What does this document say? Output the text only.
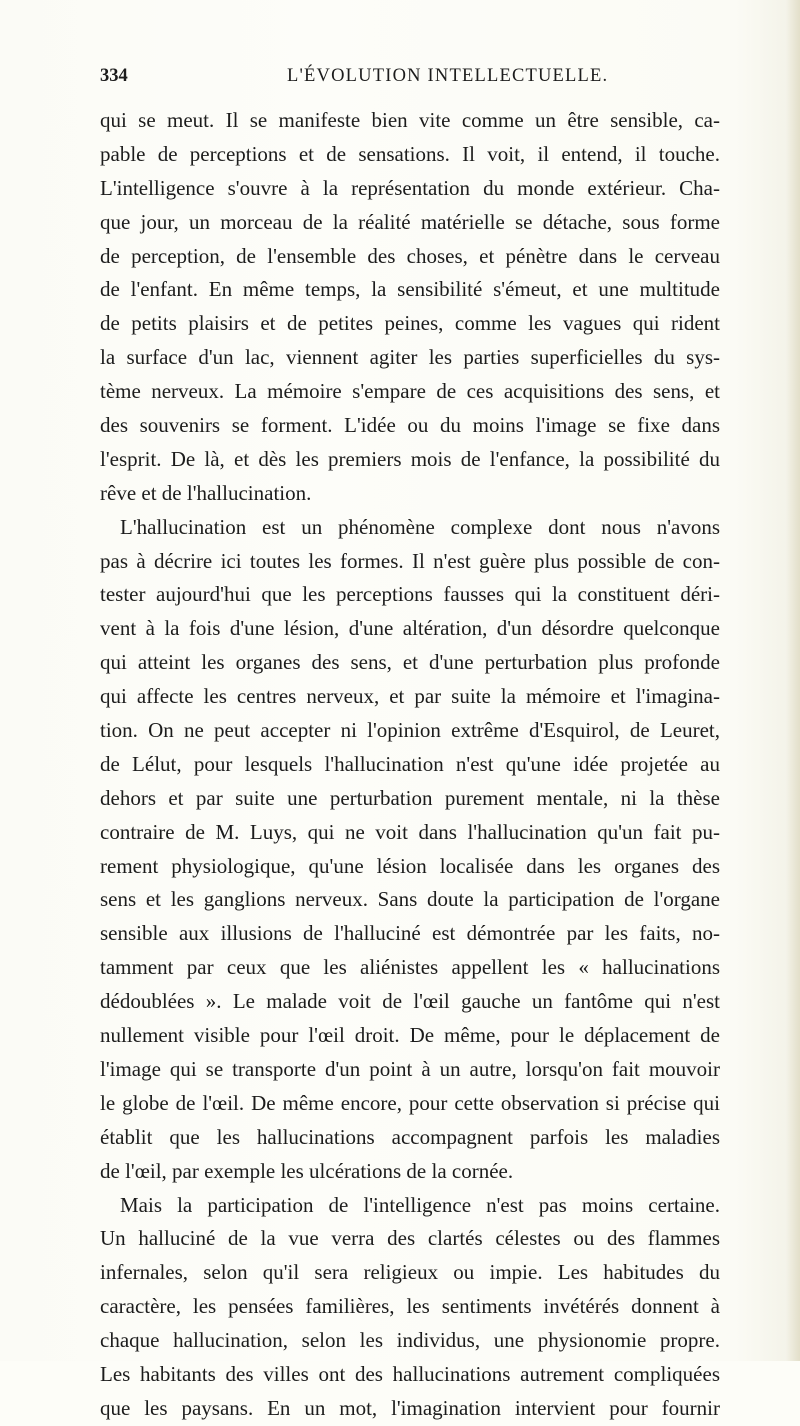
334	L'ÉVOLUTION INTELLECTUELLE.
qui se meut. Il se manifeste bien vite comme un être sensible, ca-
pable de perceptions et de sensations. Il voit, il entend, il touche.
L'intelligence s'ouvre à la représentation du monde extérieur. Cha-
que jour, un morceau de la réalité matérielle se détache, sous forme
de perception, de l'ensemble des choses, et pénètre dans le cerveau
de l'enfant. En même temps, la sensibilité s'émeut, et une multitude
de petits plaisirs et de petites peines, comme les vagues qui rident
la surface d'un lac, viennent agiter les parties superficielles du sys-
tème nerveux. La mémoire s'empare de ces acquisitions des sens, et
des souvenirs se forment. L'idée ou du moins l'image se fixe dans
l'esprit. De là, et dès les premiers mois de l'enfance, la possibilité du
rêve et de l'hallucination.
L'hallucination est un phénomène complexe dont nous n'avons
pas à décrire ici toutes les formes. Il n'est guère plus possible de con-
tester aujourd'hui que les perceptions fausses qui la constituent déri-
vent à la fois d'une lésion, d'une altération, d'un désordre quelconque
qui atteint les organes des sens, et d'une perturbation plus profonde
qui affecte les centres nerveux, et par suite la mémoire et l'imagina-
tion. On ne peut accepter ni l'opinion extrême d'Esquirol, de Leuret,
de Lélut, pour lesquels l'hallucination n'est qu'une idée projetée au
dehors et par suite une perturbation purement mentale, ni la thèse
contraire de M. Luys, qui ne voit dans l'hallucination qu'un fait pu-
rement physiologique, qu'une lésion localisée dans les organes des
sens et les ganglions nerveux. Sans doute la participation de l'organe
sensible aux illusions de l'halluciné est démontrée par les faits, no-
tamment par ceux que les aliénistes appellent les « hallucinations
dédoublées ». Le malade voit de l'œil gauche un fantôme qui n'est
nullement visible pour l'œil droit. De même, pour le déplacement de
l'image qui se transporte d'un point à un autre, lorsqu'on fait mouvoir
le globe de l'œil. De même encore, pour cette observation si précise qui
établit que les hallucinations accompagnent parfois les maladies
de l'œil, par exemple les ulcérations de la cornée.
Mais la participation de l'intelligence n'est pas moins certaine.
Un halluciné de la vue verra des clartés célestes ou des flammes
infernales, selon qu'il sera religieux ou impie. Les habitudes du
caractère, les pensées familières, les sentiments invétérés donnent à
chaque hallucination, selon les individus, une physionomie propre.
Les habitants des villes ont des hallucinations autrement compliquées
que les paysans. En un mot, l'imagination intervient pour fournir
